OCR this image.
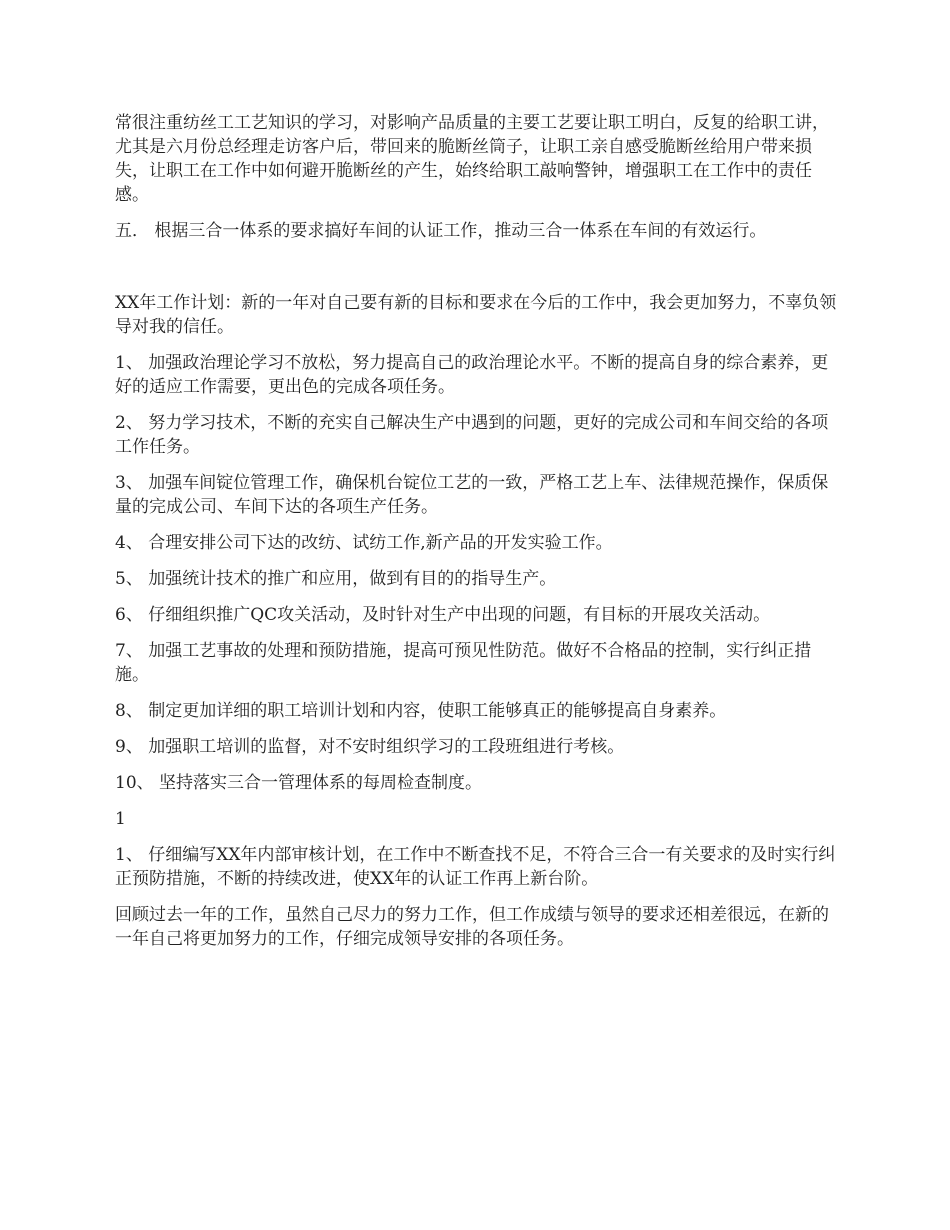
常很注重纺丝工工艺知识的学习，对影响产品质量的主要工艺要让职工明白，反复的给职工讲，尤其是六月份总经理走访客户后，带回来的脆断丝筒子，让职工亲自感受脆断丝给用户带来损失，让职工在工作中如何避开脆断丝的产生，始终给职工敲响警钟，增强职工在工作中的责任感。

五． 根据三合一体系的要求搞好车间的认证工作，推动三合一体系在车间的有效运行。

XX年工作计划：新的一年对自己要有新的目标和要求在今后的工作中，我会更加努力，不辜负领导对我的信任。

1、 加强政治理论学习不放松，努力提高自己的政治理论水平。不断的提高自身的综合素养，更好的适应工作需要，更出色的完成各项任务。

2、 努力学习技术，不断的充实自己解决生产中遇到的问题，更好的完成公司和车间交给的各项工作任务。

3、 加强车间锭位管理工作，确保机台锭位工艺的一致，严格工艺上车、法律规范操作，保质保量的完成公司、车间下达的各项生产任务。

4、 合理安排公司下达的改纺、试纺工作,新产品的开发实验工作。

5、 加强统计技术的推广和应用，做到有目的的指导生产。

6、 仔细组织推广QC攻关活动，及时针对生产中出现的问题，有目标的开展攻关活动。

7、 加强工艺事故的处理和预防措施，提高可预见性防范。做好不合格品的控制，实行纠正措施。

8、 制定更加详细的职工培训计划和内容，使职工能够真正的能够提高自身素养。

9、 加强职工培训的监督，对不安时组织学习的工段班组进行考核。

10、 坚持落实三合一管理体系的每周检查制度。

1

1、 仔细编写XX年内部审核计划，在工作中不断查找不足，不符合三合一有关要求的及时实行纠正预防措施，不断的持续改进，使XX年的认证工作再上新台阶。

回顾过去一年的工作，虽然自己尽力的努力工作，但工作成绩与领导的要求还相差很远，在新的一年自己将更加努力的工作，仔细完成领导安排的各项任务。
